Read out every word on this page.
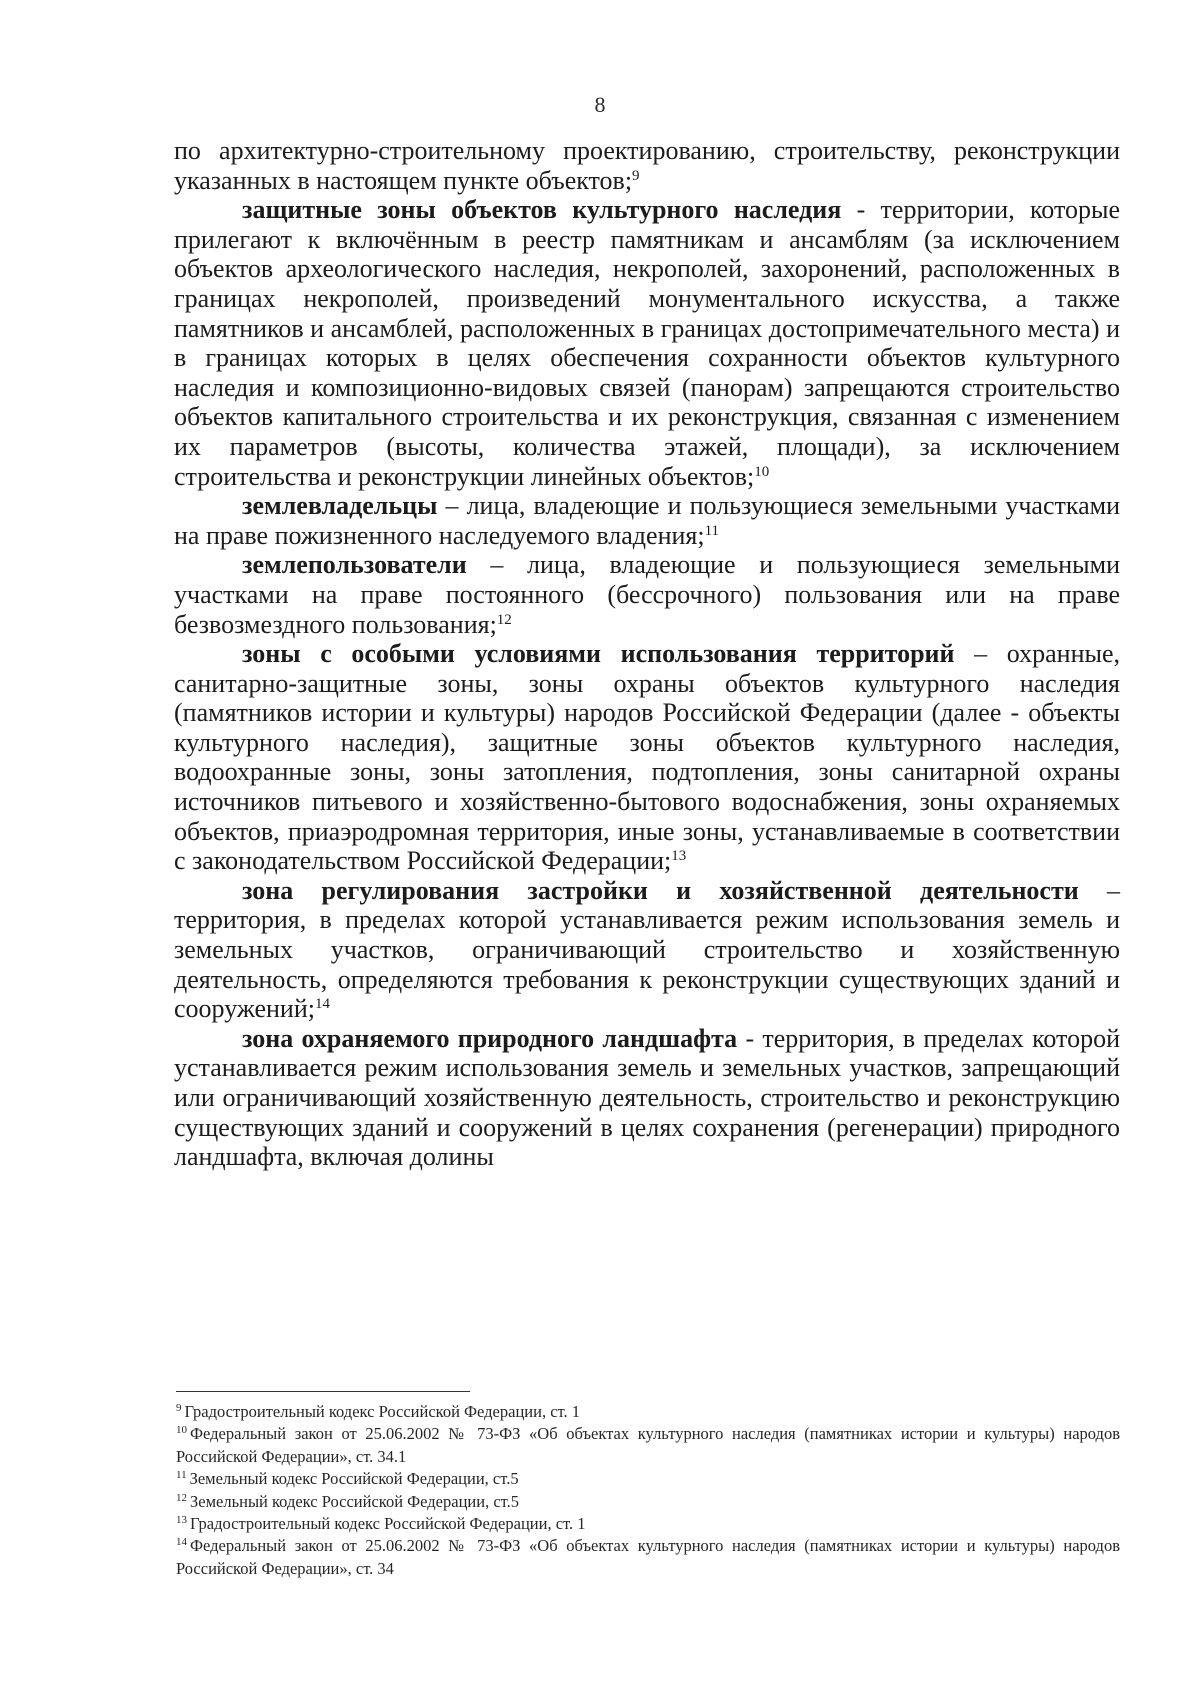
8

по архитектурно-строительному проектированию, строительству, реконструкции указанных в настоящем пункте объектов;$^9$

защитные зоны объектов культурного наследия - территории, которые прилегают к включённым в реестр памятникам и ансамблям (за исключением объектов археологического наследия, некрополей, захоронений, расположенных в границах некрополей, произведений монументального искусства, а также памятников и ансамблей, расположенных в границах достопримечательного места) и в границах которых в целях обеспечения сохранности объектов культурного наследия и композиционно-видовых связей (панорам) запрещаются строительство объектов капитального строительства и их реконструкция, связанная с изменением их параметров (высоты, количества этажей, площади), за исключением строительства и реконструкции линейных объектов;$^{10}$

землевладельцы – лица, владеющие и пользующиеся земельными участками на праве пожизненного наследуемого владения;$^{11}$

землепользователи – лица, владеющие и пользующиеся земельными участками на праве постоянного (бессрочного) пользования или на праве безвозмездного пользования;$^{12}$

зоны с особыми условиями использования территорий – охранные, санитарно-защитные зоны, зоны охраны объектов культурного наследия (памятников истории и культуры) народов Российской Федерации (далее - объекты культурного наследия), защитные зоны объектов культурного наследия, водоохранные зоны, зоны затопления, подтопления, зоны санитарной охраны источников питьевого и хозяйственно-бытового водоснабжения, зоны охраняемых объектов, приаэродромная территория, иные зоны, устанавливаемые в соответствии с законодательством Российской Федерации;$^{13}$

зона регулирования застройки и хозяйственной деятельности – территория, в пределах которой устанавливается режим использования земель и земельных участков, ограничивающий строительство и хозяйственную деятельность, определяются требования к реконструкции существующих зданий и сооружений;$^{14}$

зона охраняемого природного ландшафта - территория, в пределах которой устанавливается режим использования земель и земельных участков, запрещающий или ограничивающий хозяйственную деятельность, строительство и реконструкцию существующих зданий и сооружений в целях сохранения (регенерации) природного ландшафта, включая долины

$^9$ Градостроительный кодекс Российской Федерации, ст. 1

$^{10}$ Федеральный закон от 25.06.2002 № 73-ФЗ «Об объектах культурного наследия (памятниках истории и культуры) народов Российской Федерации», ст. 34.1

$^{11}$ Земельный кодекс Российской Федерации, ст.5

$^{12}$ Земельный кодекс Российской Федерации, ст.5

$^{13}$ Градостроительный кодекс Российской Федерации, ст. 1

$^{14}$ Федеральный закон от 25.06.2002 № 73-ФЗ «Об объектах культурного наследия (памятниках истории и культуры) народов Российской Федерации», ст. 34
